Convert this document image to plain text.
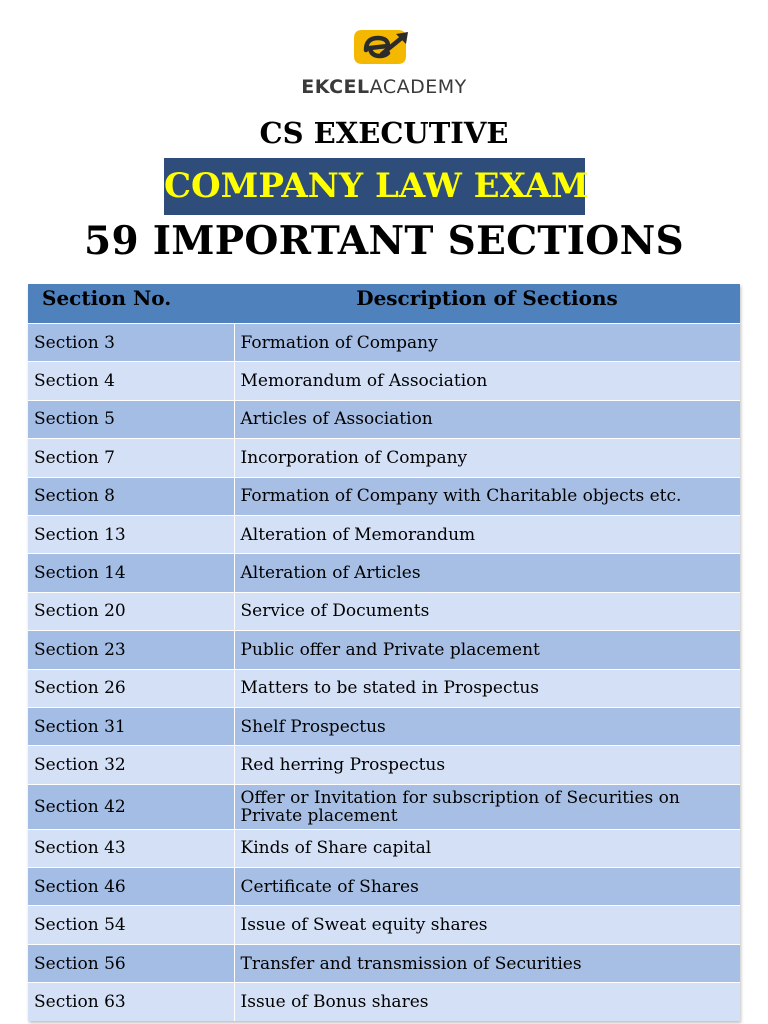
EKCELACADEMY
CS EXECUTIVE
COMPANY LAW EXAM
59 IMPORTANT SECTIONS
Section No.	Description of Sections
Section 3	Formation of Company
Section 4	Memorandum of Association
Section 5	Articles of Association
Section 7	Incorporation of Company
Section 8	Formation of Company with Charitable objects etc.
Section 13	Alteration of Memorandum
Section 14	Alteration of Articles
Section 20	Service of Documents
Section 23	Public offer and Private placement
Section 26	Matters to be stated in Prospectus
Section 31	Shelf Prospectus
Section 32	Red herring Prospectus
Section 42	Offer or Invitation for subscription of Securities on Private placement
Section 43	Kinds of Share capital
Section 46	Certificate of Shares
Section 54	Issue of Sweat equity shares
Section 56	Transfer and transmission of Securities
Section 63	Issue of Bonus shares
